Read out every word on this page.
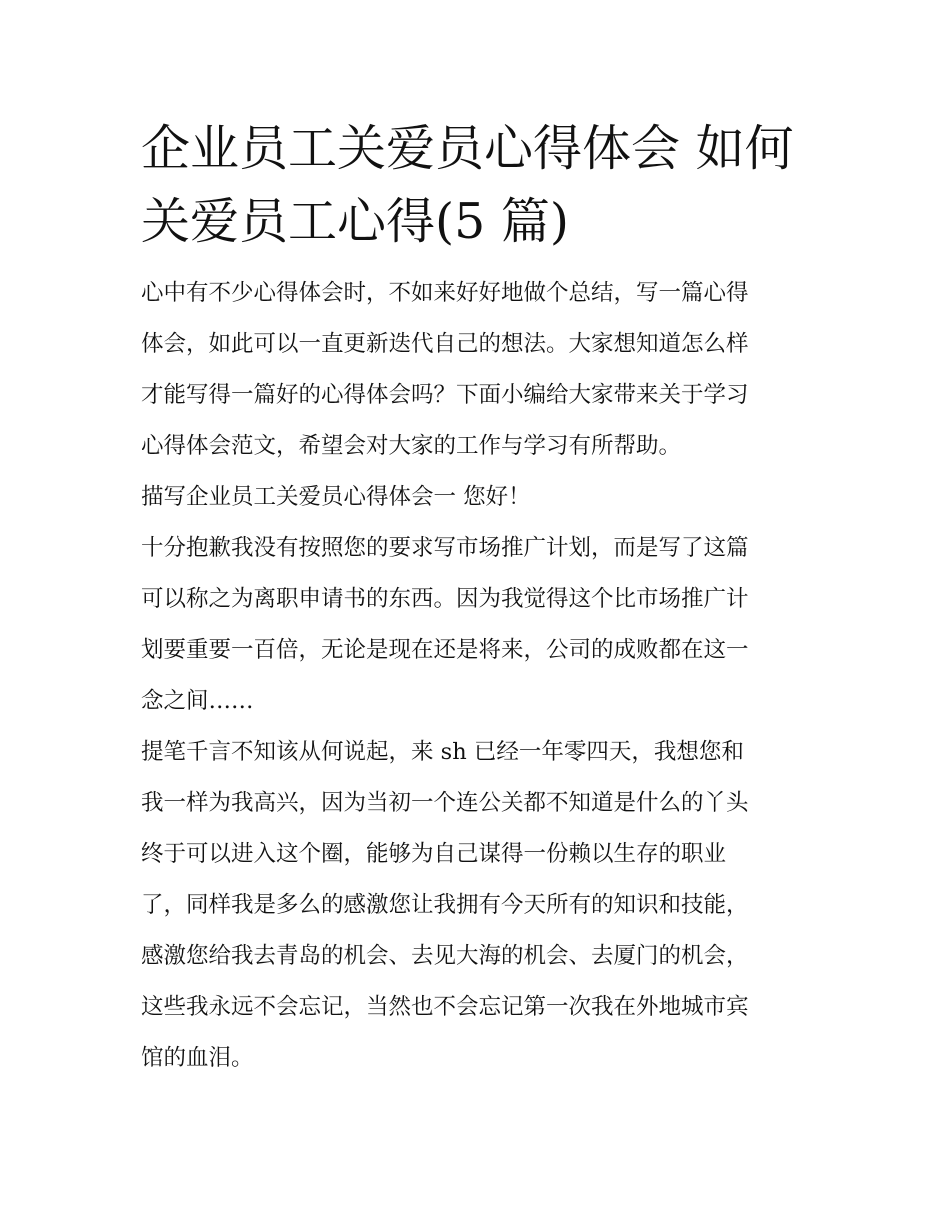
企业员工关爱员心得体会 如何
关爱员工心得(5 篇)

心中有不少心得体会时，不如来好好地做个总结，写一篇心得
体会，如此可以一直更新迭代自己的想法。大家想知道怎么样
才能写得一篇好的心得体会吗？下面小编给大家带来关于学习
心得体会范文，希望会对大家的工作与学习有所帮助。

描写企业员工关爱员心得体会一 您好！

十分抱歉我没有按照您的要求写市场推广计划，而是写了这篇
可以称之为离职申请书的东西。因为我觉得这个比市场推广计
划要重要一百倍，无论是现在还是将来，公司的成败都在这一
念之间……

提笔千言不知该从何说起，来 sh 已经一年零四天，我想您和
我一样为我高兴，因为当初一个连公关都不知道是什么的丫头
终于可以进入这个圈，能够为自己谋得一份赖以生存的职业
了，同样我是多么的感激您让我拥有今天所有的知识和技能，
感激您给我去青岛的机会、去见大海的机会、去厦门的机会，
这些我永远不会忘记，当然也不会忘记第一次我在外地城市宾
馆的血泪。
